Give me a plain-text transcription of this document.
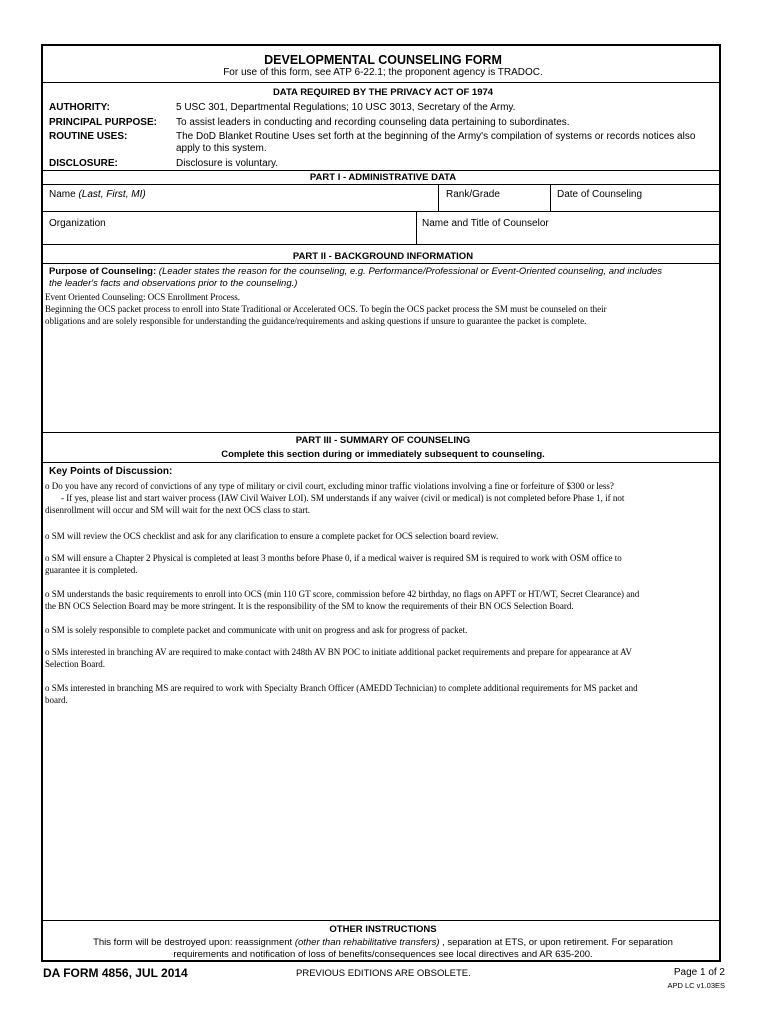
DEVELOPMENTAL COUNSELING FORM
For use of this form, see ATP 6-22.1; the proponent agency is TRADOC.
DATA REQUIRED BY THE PRIVACY ACT OF 1974
AUTHORITY:	5 USC 301, Departmental Regulations; 10 USC 3013, Secretary of the Army.
PRINCIPAL PURPOSE: To assist leaders in conducting and recording counseling data pertaining to subordinates.
ROUTINE USES:	The DoD Blanket Routine Uses set forth at the beginning of the Army's compilation of systems or records notices also
apply to this system.
DISCLOSURE:	Disclosure is voluntary.
PART I - ADMINISTRATIVE DATA
Name (Last, First, MI)	Rank/Grade	Date of Counseling
Organization	Name and Title of Counselor
PART II - BACKGROUND INFORMATION
Purpose of Counseling: (Leader states the reason for the counseling, e.g. Performance/Professional or Event-Oriented counseling, and includes
the leader's facts and observations prior to the counseling.)
Event Oriented Counseling: OCS Enrollment Process.
Beginning the OCS packet process to enroll into State Traditional or Accelerated OCS. To begin the OCS packet process the SM must be counseled on their
obligations and are solely responsible for understanding the guidance/requirements and asking questions if unsure to guarantee the packet is complete.
PART III - SUMMARY OF COUNSELING
Complete this section during or immediately subsequent to counseling.
Key Points of Discussion:
o Do you have any record of convictions of any type of military or civil court, excluding minor traffic violations involving a fine or forfeiture of $300 or less?
- If yes, please list and start waiver process (IAW Civil Waiver LOI). SM understands if any waiver (civil or medical) is not completed before Phase 1, if not
disenrollment will occur and SM will wait for the next OCS class to start.
o SM will review the OCS checklist and ask for any clarification to ensure a complete packet for OCS selection board review.
o SM will ensure a Chapter 2 Physical is completed at least 3 months before Phase 0, if a medical waiver is required SM is required to work with OSM office to
guarantee it is completed.
o SM understands the basic requirements to enroll into OCS (min 110 GT score, commission before 42 birthday, no flags on APFT or HT/WT, Secret Clearance) and
the BN OCS Selection Board may be more stringent. It is the responsibility of the SM to know the requirements of their BN OCS Selection Board.
o SM is solely responsible to complete packet and communicate with unit on progress and ask for progress of packet.
o SMs interested in branching AV are required to make contact with 248th AV BN POC to initiate additional packet requirements and prepare for appearance at AV
Selection Board.
o SMs interested in branching MS are required to work with Specialty Branch Officer (AMEDD Technician) to complete additional requirements for MS packet and
board.
OTHER INSTRUCTIONS
This form will be destroyed upon: reassignment (other than rehabilitative transfers) , separation at ETS, or upon retirement. For separation
requirements and notification of loss of benefits/consequences see local directives and AR 635-200.
DA FORM 4856, JUL 2014	PREVIOUS EDITIONS ARE OBSOLETE.	Page 1 of 2
APD LC v1.03ES
